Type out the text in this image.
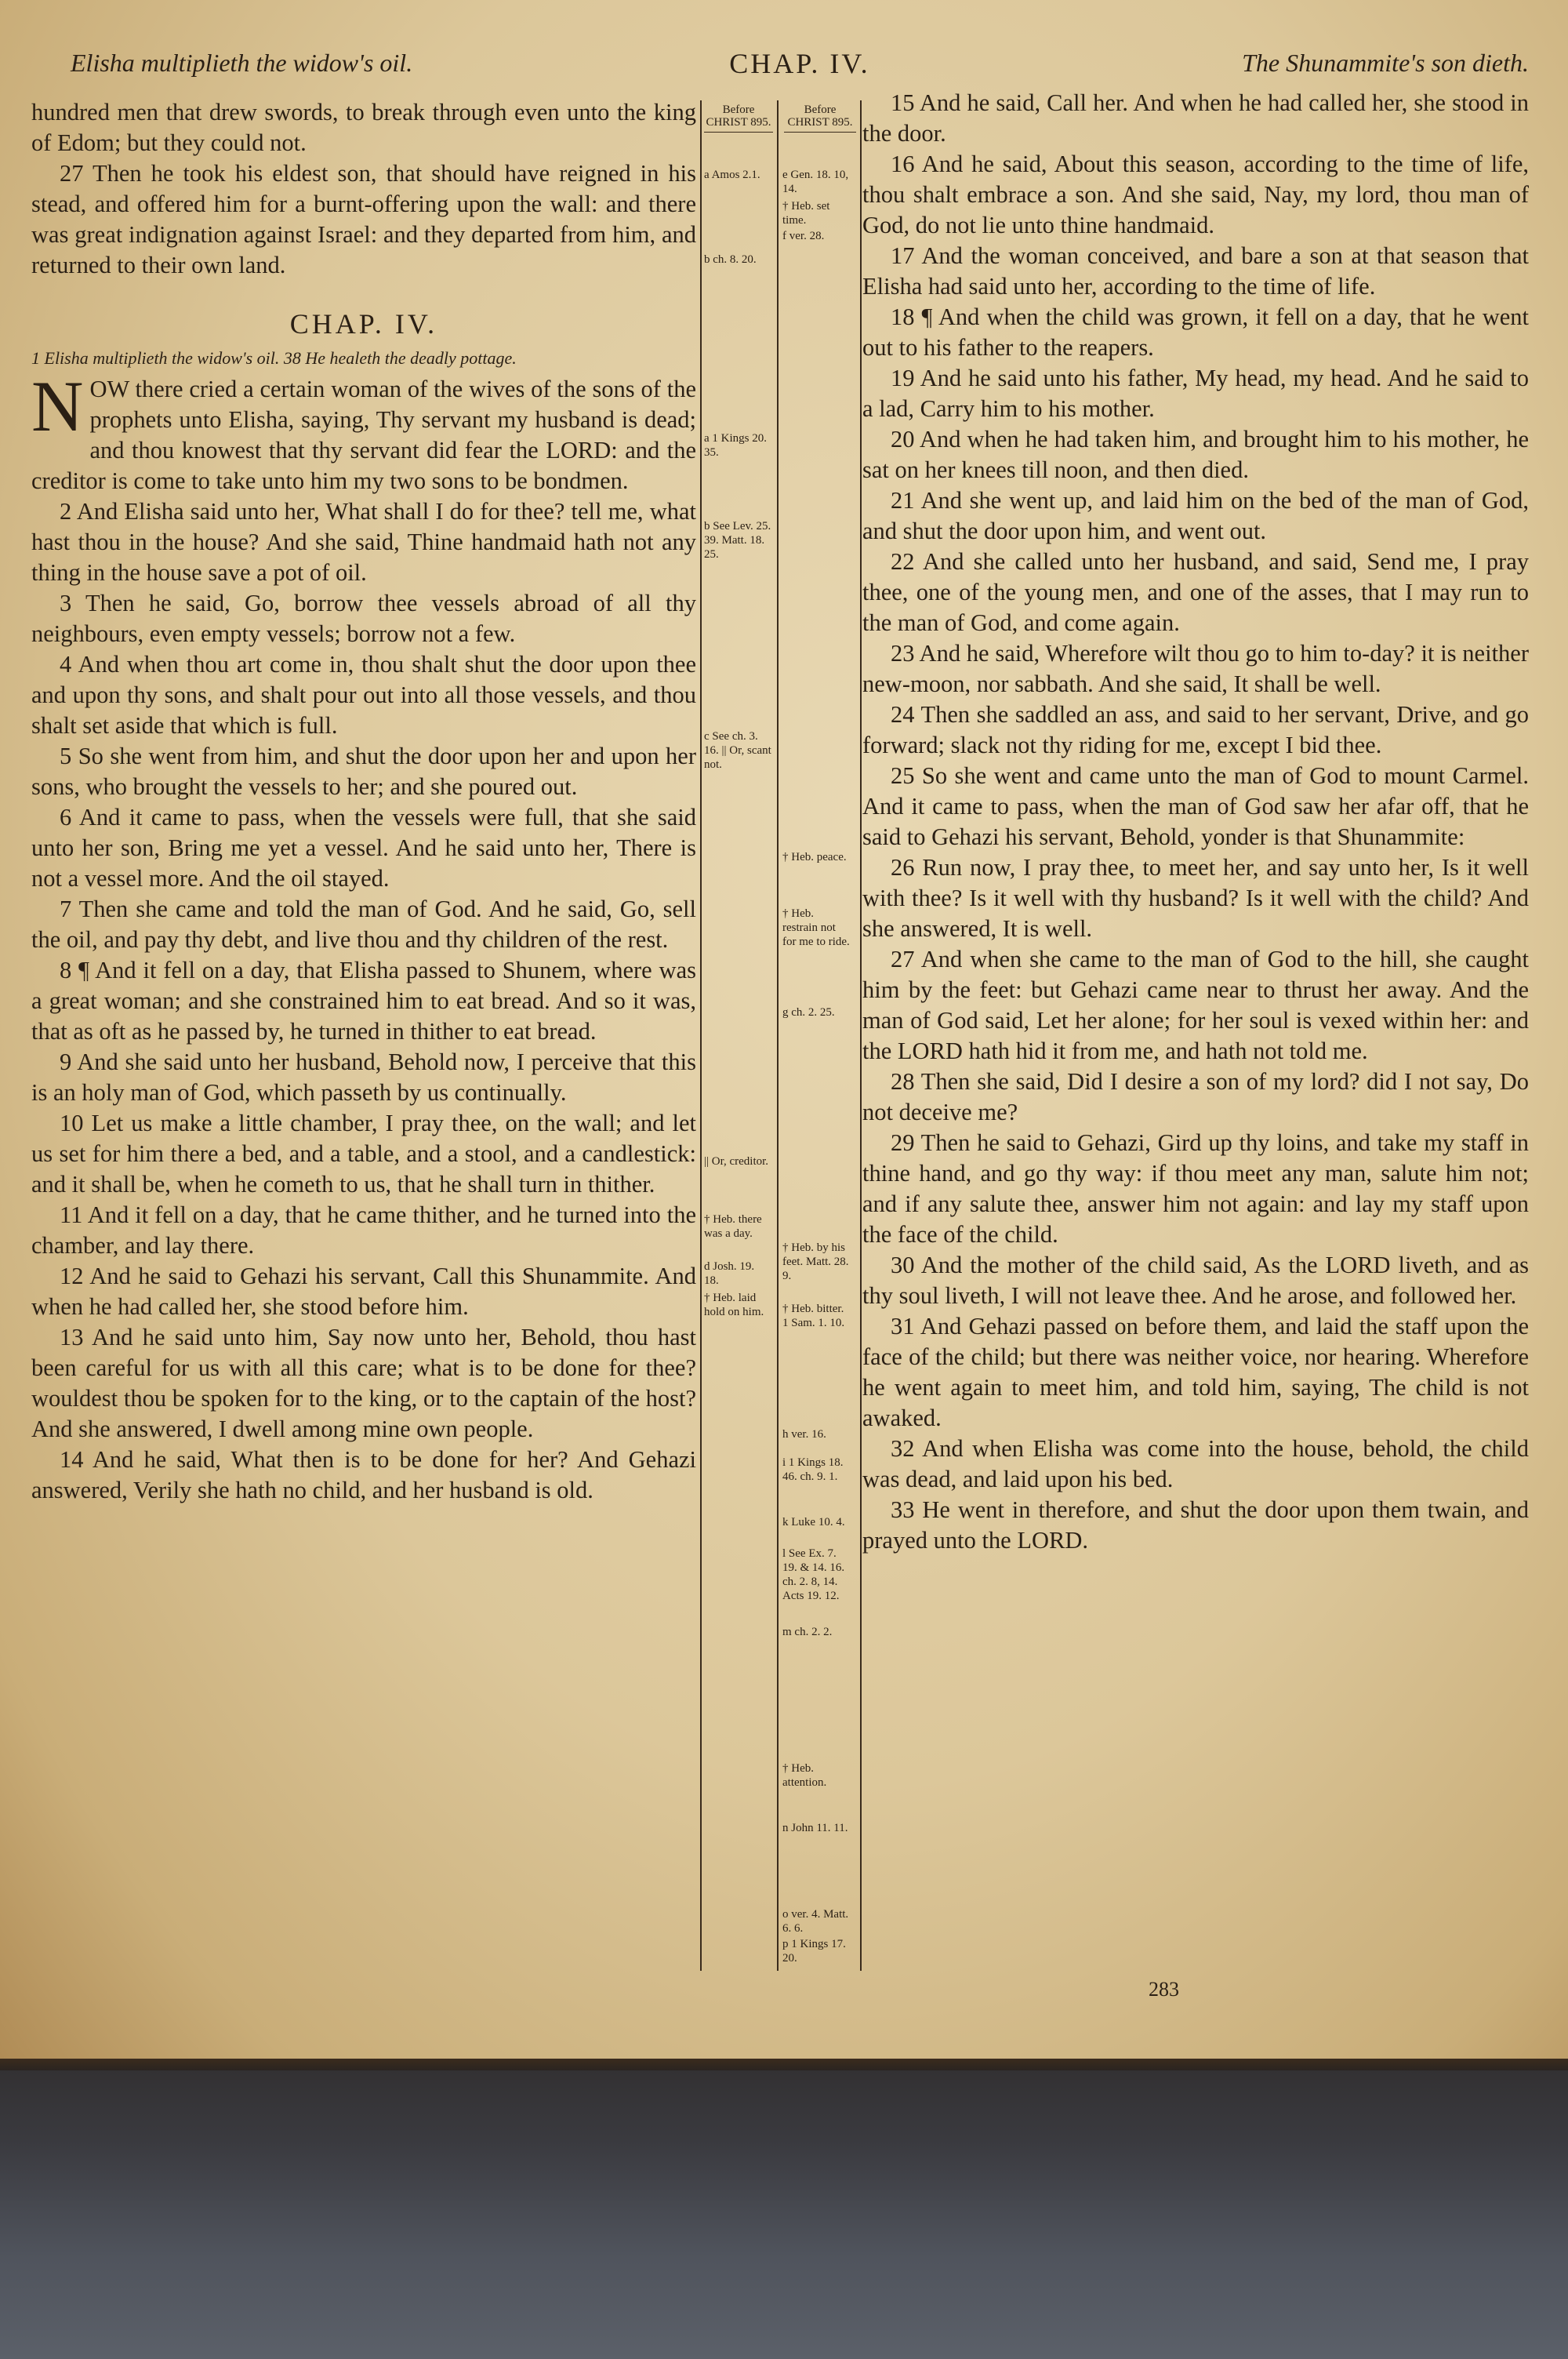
Elisha multiplieth the widow's oil.	CHAP. IV.	The Shunammite's son dieth.

hundred men that drew swords, to break through even unto the king of Edom; but they could not.

27 Then he took his eldest son, that should have reigned in his stead, and offered him for a burnt-offering upon the wall: and there was great indignation against Israel: and they departed from him, and returned to their own land.

CHAP. IV.
1 Elisha multiplieth the widow's oil. 38 He healeth the deadly pottage.

NOW there cried a certain woman of the wives of the sons of the prophets unto Elisha, saying, Thy servant my husband is dead; and thou knowest that thy servant did fear the LORD: and the creditor is come to take unto him my two sons to be bondmen.

2 And Elisha said unto her, What shall I do for thee? tell me, what hast thou in the house? And she said, Thine handmaid hath not any thing in the house save a pot of oil.

3 Then he said, Go, borrow thee vessels abroad of all thy neighbours, even empty vessels; borrow not a few.

4 And when thou art come in, thou shalt shut the door upon thee and upon thy sons, and shalt pour out into all those vessels, and thou shalt set aside that which is full.

5 So she went from him, and shut the door upon her and upon her sons, who brought the vessels to her; and she poured out.

6 And it came to pass, when the vessels were full, that she said unto her son, Bring me yet a vessel. And he said unto her, There is not a vessel more. And the oil stayed.

7 Then she came and told the man of God. And he said, Go, sell the oil, and pay thy debt, and live thou and thy children of the rest.

8 ¶ And it fell on a day, that Elisha passed to Shunem, where was a great woman; and she constrained him to eat bread. And so it was, that as oft as he passed by, he turned in thither to eat bread.

9 And she said unto her husband, Behold now, I perceive that this is an holy man of God, which passeth by us continually.

10 Let us make a little chamber, I pray thee, on the wall; and let us set for him there a bed, and a table, and a stool, and a candlestick: and it shall be, when he cometh to us, that he shall turn in thither.

11 And it fell on a day, that he came thither, and he turned into the chamber, and lay there.

12 And he said to Gehazi his servant, Call this Shunammite. And when he had called her, she stood before him.

13 And he said unto him, Say now unto her, Behold, thou hast been careful for us with all this care; what is to be done for thee? wouldest thou be spoken for to the king, or to the captain of the host? And she answered, I dwell among mine own people.

14 And he said, What then is to be done for her? And Gehazi answered, Verily she hath no child, and her husband is old.

Before CHRIST 895.
a Amos 2.1.
b ch. 8. 20.
a 1 Kings 20. 35.
b See Lev. 25. 39. Matt. 18. 25.
c See ch. 3. 16. || Or, scant not.
|| Or, creditor.
† Heb. there was a day.
d Josh. 19. 18.
† Heb. laid hold on him.
Before CHRIST 895.
e Gen. 18. 10, 14.
† Heb. set time.
f ver. 28.
† Heb. peace.
† Heb. restrain not for me to ride.
g ch. 2. 25.
† Heb. by his feet. Matt. 28. 9.
† Heb. bitter. 1 Sam. 1. 10.
h ver. 16.
i 1 Kings 18. 46. ch. 9. 1.
k Luke 10. 4.
l See Ex. 7. 19. & 14. 16. ch. 2. 8, 14. Acts 19. 12.
m ch. 2. 2.
† Heb. attention.
n John 11. 11.
o ver. 4. Matt. 6. 6.
p 1 Kings 17. 20.

15 And he said, Call her. And when he had called her, she stood in the door.

16 And he said, About this season, according to the time of life, thou shalt embrace a son. And she said, Nay, my lord, thou man of God, do not lie unto thine handmaid.

17 And the woman conceived, and bare a son at that season that Elisha had said unto her, according to the time of life.

18 ¶ And when the child was grown, it fell on a day, that he went out to his father to the reapers.

19 And he said unto his father, My head, my head. And he said to a lad, Carry him to his mother.

20 And when he had taken him, and brought him to his mother, he sat on her knees till noon, and then died.

21 And she went up, and laid him on the bed of the man of God, and shut the door upon him, and went out.

22 And she called unto her husband, and said, Send me, I pray thee, one of the young men, and one of the asses, that I may run to the man of God, and come again.

23 And he said, Wherefore wilt thou go to him to-day? it is neither new-moon, nor sabbath. And she said, It shall be well.

24 Then she saddled an ass, and said to her servant, Drive, and go forward; slack not thy riding for me, except I bid thee.

25 So she went and came unto the man of God to mount Carmel. And it came to pass, when the man of God saw her afar off, that he said to Gehazi his servant, Behold, yonder is that Shunammite:

26 Run now, I pray thee, to meet her, and say unto her, Is it well with thee? Is it well with thy husband? Is it well with the child? And she answered, It is well.

27 And when she came to the man of God to the hill, she caught him by the feet: but Gehazi came near to thrust her away. And the man of God said, Let her alone; for her soul is vexed within her: and the LORD hath hid it from me, and hath not told me.

28 Then she said, Did I desire a son of my lord? did I not say, Do not deceive me?

29 Then he said to Gehazi, Gird up thy loins, and take my staff in thine hand, and go thy way: if thou meet any man, salute him not; and if any salute thee, answer him not again: and lay my staff upon the face of the child.

30 And the mother of the child said, As the LORD liveth, and as thy soul liveth, I will not leave thee. And he arose, and followed her.

31 And Gehazi passed on before them, and laid the staff upon the face of the child; but there was neither voice, nor hearing. Wherefore he went again to meet him, and told him, saying, The child is not awaked.

32 And when Elisha was come into the house, behold, the child was dead, and laid upon his bed.

33 He went in therefore, and shut the door upon them twain, and prayed unto the LORD.

283
